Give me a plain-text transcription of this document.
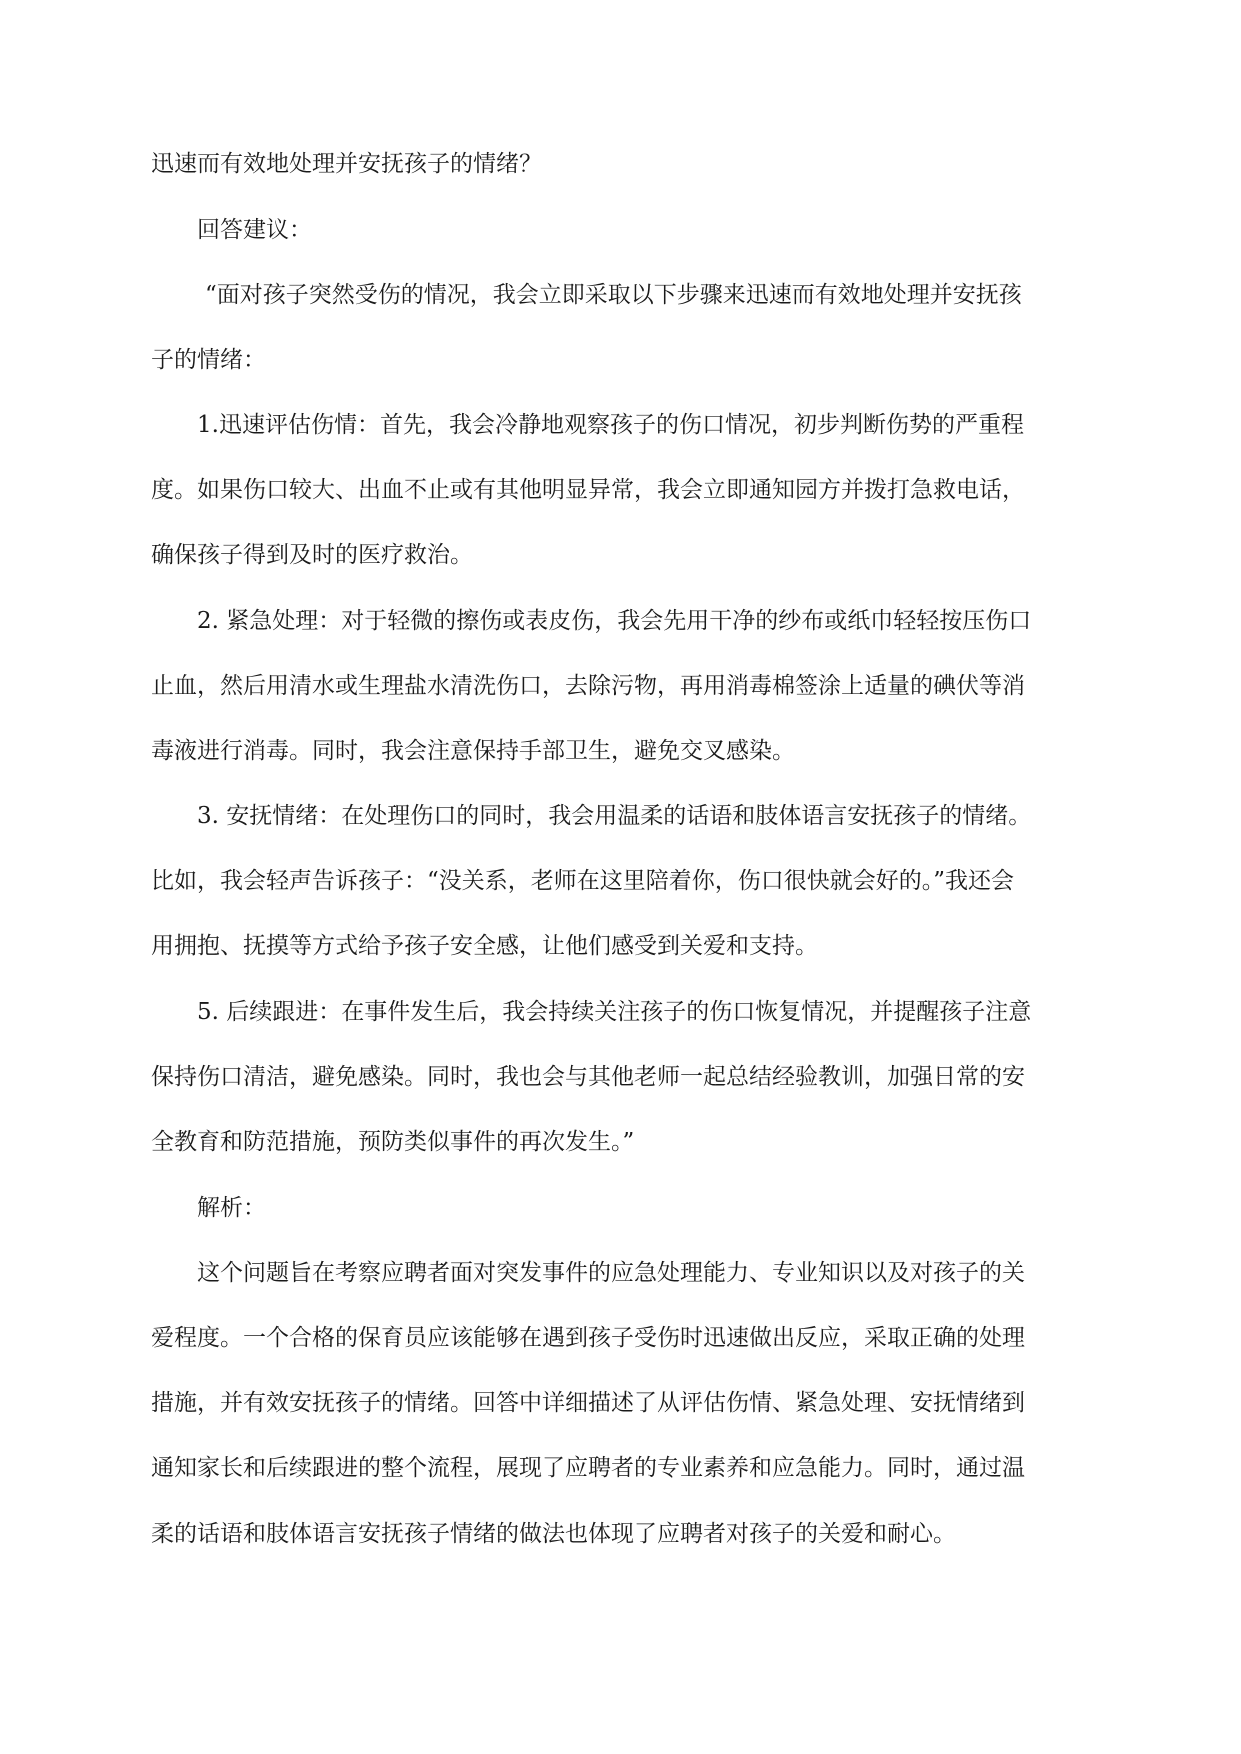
迅速而有效地处理并安抚孩子的情绪？

回答建议：

“面对孩子突然受伤的情况，我会立即采取以下步骤来迅速而有效地处理并安抚孩

子的情绪：

1.迅速评估伤情：首先，我会冷静地观察孩子的伤口情况，初步判断伤势的严重程

度。如果伤口较大、出血不止或有其他明显异常，我会立即通知园方并拨打急救电话，

确保孩子得到及时的医疗救治。

2. 紧急处理：对于轻微的擦伤或表皮伤，我会先用干净的纱布或纸巾轻轻按压伤口

止血，然后用清水或生理盐水清洗伤口，去除污物，再用消毒棉签涂上适量的碘伏等消

毒液进行消毒。同时，我会注意保持手部卫生，避免交叉感染。

3. 安抚情绪：在处理伤口的同时，我会用温柔的话语和肢体语言安抚孩子的情绪。

比如，我会轻声告诉孩子：“没关系，老师在这里陪着你，伤口很快就会好的。”我还会

用拥抱、抚摸等方式给予孩子安全感，让他们感受到关爱和支持。

5. 后续跟进：在事件发生后，我会持续关注孩子的伤口恢复情况，并提醒孩子注意

保持伤口清洁，避免感染。同时，我也会与其他老师一起总结经验教训，加强日常的安

全教育和防范措施，预防类似事件的再次发生。”

解析：

这个问题旨在考察应聘者面对突发事件的应急处理能力、专业知识以及对孩子的关

爱程度。一个合格的保育员应该能够在遇到孩子受伤时迅速做出反应，采取正确的处理

措施，并有效安抚孩子的情绪。回答中详细描述了从评估伤情、紧急处理、安抚情绪到

通知家长和后续跟进的整个流程，展现了应聘者的专业素养和应急能力。同时，通过温

柔的话语和肢体语言安抚孩子情绪的做法也体现了应聘者对孩子的关爱和耐心。
